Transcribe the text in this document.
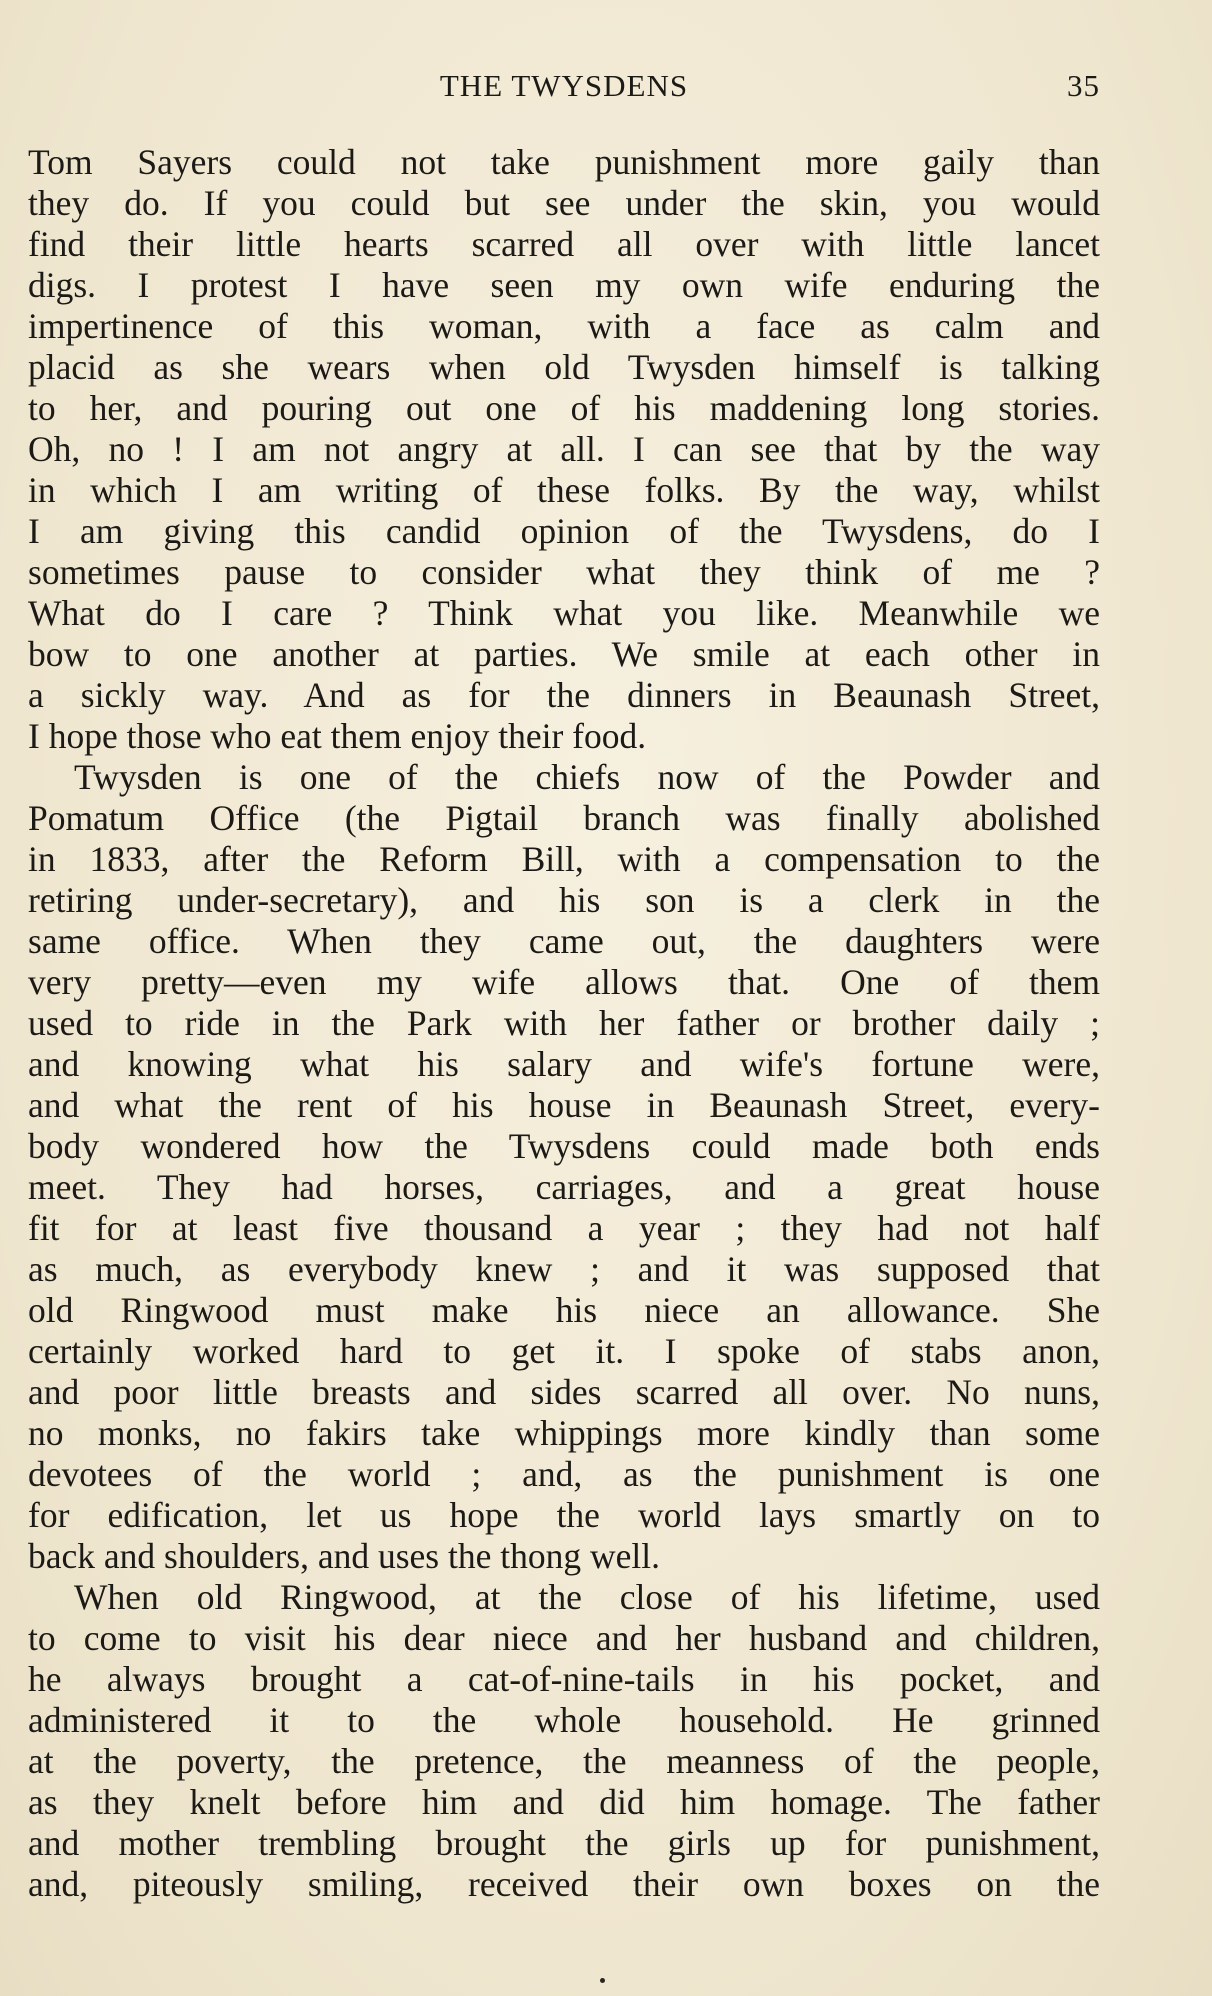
THE TWYSDENS	35
Tom Sayers could not take punishment more gaily than
they do. If you could but see under the skin, you would
find their little hearts scarred all over with little lancet
digs. I protest I have seen my own wife enduring the
impertinence of this woman, with a face as calm and
placid as she wears when old Twysden himself is talking
to her, and pouring out one of his maddening long stories.
Oh, no ! I am not angry at all. I can see that by the way
in which I am writing of these folks. By the way, whilst
I am giving this candid opinion of the Twysdens, do I
sometimes pause to consider what they think of me ?
What do I care ? Think what you like. Meanwhile we
bow to one another at parties. We smile at each other in
a sickly way. And as for the dinners in Beaunash Street,
I hope those who eat them enjoy their food.
Twysden is one of the chiefs now of the Powder and
Pomatum Office (the Pigtail branch was finally abolished
in 1833, after the Reform Bill, with a compensation to the
retiring under-secretary), and his son is a clerk in the
same office. When they came out, the daughters were
very pretty—even my wife allows that. One of them
used to ride in the Park with her father or brother daily ;
and knowing what his salary and wife's fortune were,
and what the rent of his house in Beaunash Street, every-
body wondered how the Twysdens could made both ends
meet. They had horses, carriages, and a great house
fit for at least five thousand a year ; they had not half
as much, as everybody knew ; and it was supposed that
old Ringwood must make his niece an allowance. She
certainly worked hard to get it. I spoke of stabs anon,
and poor little breasts and sides scarred all over. No nuns,
no monks, no fakirs take whippings more kindly than some
devotees of the world ; and, as the punishment is one
for edification, let us hope the world lays smartly on to
back and shoulders, and uses the thong well.
When old Ringwood, at the close of his lifetime, used
to come to visit his dear niece and her husband and children,
he always brought a cat-of-nine-tails in his pocket, and
administered it to the whole household. He grinned
at the poverty, the pretence, the meanness of the people,
as they knelt before him and did him homage. The father
and mother trembling brought the girls up for punishment,
and, piteously smiling, received their own boxes on the
